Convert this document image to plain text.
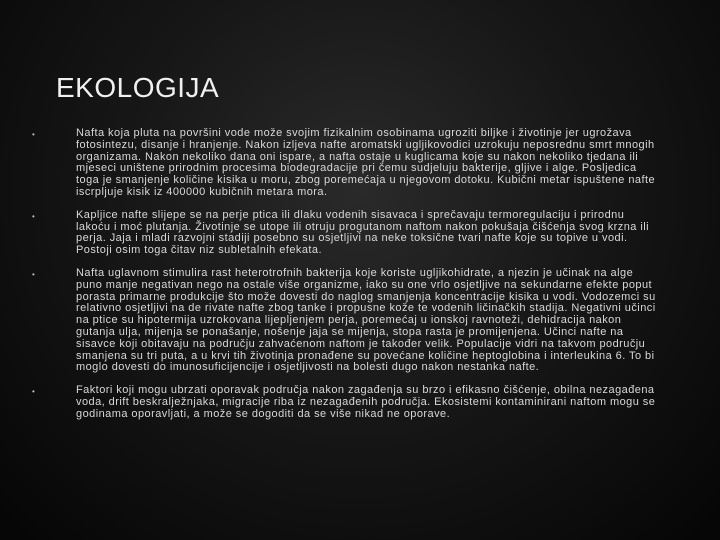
EKOLOGIJA
•	Nafta koja pluta na površini vode može svojim fizikalnim osobinama ugroziti biljke i životinje jer ugrožava fotosintezu, disanje i hranjenje. Nakon izljeva nafte aromatski ugljikovodici uzrokuju neposrednu smrt mnogih organizama. Nakon nekoliko dana oni ispare, a nafta ostaje u kuglicama koje su nakon nekoliko tjedana ili mjeseci uništene prirodnim procesima biodegradacije pri čemu sudjeluju bakterije, gljive i alge. Posljedica toga je smanjenje količine kisika u moru, zbog poremećaja u njegovom dotoku. Kubični metar ispuštene nafte iscrpljuje kisik iz 400000 kubičnih metara mora.
•	Kapljice nafte slijepe se na perje ptica ili dlaku vodenih sisavaca i sprečavaju termoregulaciju i prirodnu lakoću i moć plutanja. Životinje se utope ili otruju progutanom naftom nakon pokušaja čišćenja svog krzna ili perja. Jaja i mladi razvojni stadiji posebno su osjetljivi na neke toksične tvari nafte koje su topive u vodi. Postoji osim toga čitav niz subletalnih efekata.
•	Nafta uglavnom stimulira rast heterotrofnih bakterija koje koriste ugljikohidrate, a njezin je učinak na alge puno manje negativan nego na ostale više organizme, iako su one vrlo osjetljive na sekundarne efekte poput porasta primarne produkcije što može dovesti do naglog smanjenja koncentracije kisika u vodi. Vodozemci su relativno osjetljivi na de rivate nafte zbog tanke i propusne kože te vodenih ličinačkih stadija. Negativni učinci na ptice su hipotermija uzrokovana lijepljenjem perja, poremećaj u ionskoj ravnoteži, dehidracija nakon gutanja ulja, mijenja se ponašanje, nošenje jaja se mijenja, stopa rasta je promijenjena. Učinci nafte na sisavce koji obitavaju na području zahvaćenom naftom je također velik. Populacije vidri na takvom području smanjena su tri puta, a u krvi tih životinja pronađene su povećane količine heptoglobina i interleukina 6. To bi moglo dovesti do imunosuficijencije i osjetljivosti na bolesti dugo nakon nestanka nafte.
•	Faktori koji mogu ubrzati oporavak područja nakon zagađenja su brzo i efikasno čišćenje, obilna nezagađena voda, drift beskralježnjaka, migracije riba iz nezagađenih područja. Ekosistemi kontaminirani naftom mogu se godinama oporavljati, a može se dogoditi da se više nikad ne oporave.
